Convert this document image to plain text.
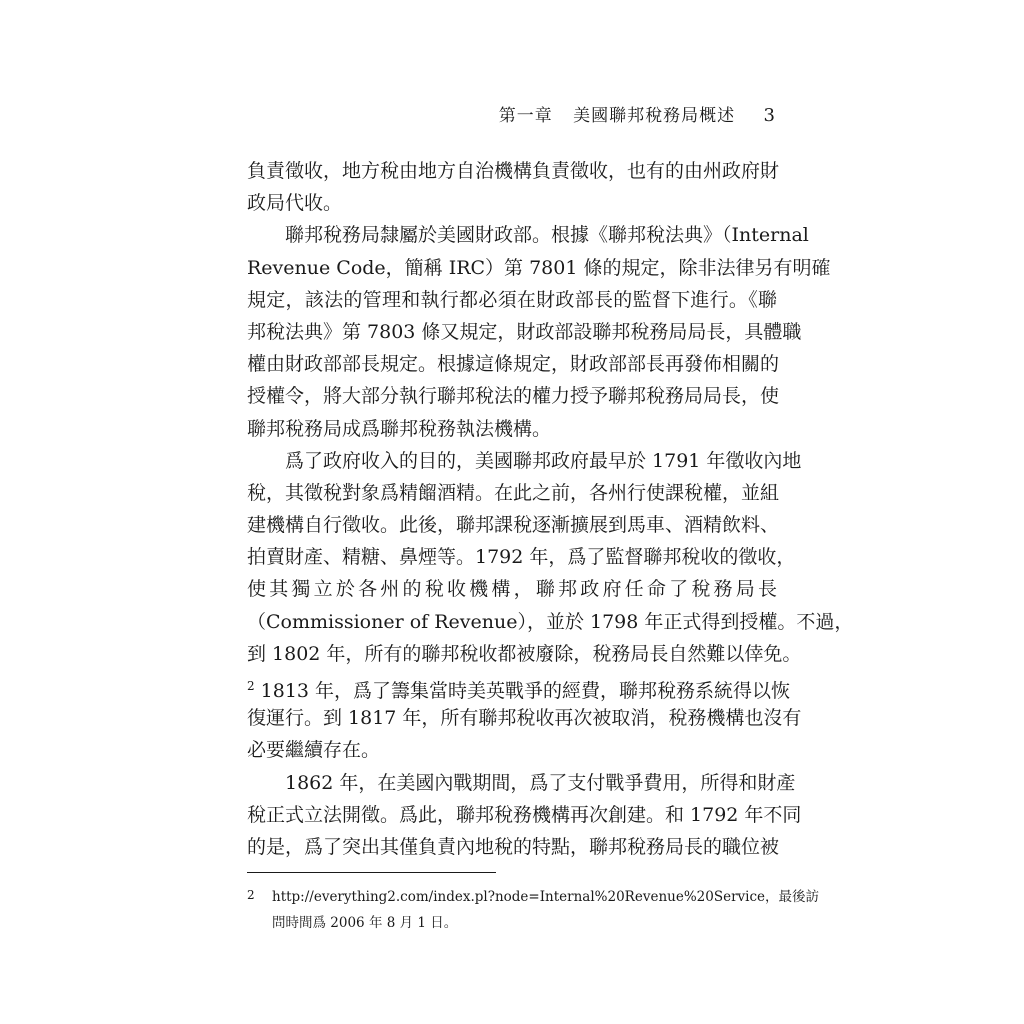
第一章 美國聯邦稅務局概述 3
負責徵收，地方稅由地方自治機構負責徵收，也有的由州政府財
政局代收。
聯邦稅務局隸屬於美國財政部。根據《聯邦稅法典》（Internal
Revenue Code，簡稱 IRC）第 7801 條的規定，除非法律另有明確
規定，該法的管理和執行都必須在財政部長的監督下進行。《聯
邦稅法典》第 7803 條又規定，財政部設聯邦稅務局局長，具體職
權由財政部部長規定。根據這條規定，財政部部長再發佈相關的
授權令，將大部分執行聯邦稅法的權力授予聯邦稅務局局長，使
聯邦稅務局成爲聯邦稅務執法機構。
爲了政府收入的目的，美國聯邦政府最早於 1791 年徵收內地
稅，其徵稅對象爲精餾酒精。在此之前，各州行使課稅權，並組
建機構自行徵收。此後，聯邦課稅逐漸擴展到馬車、酒精飲料、
拍賣財產、精糖、鼻煙等。1792 年，爲了監督聯邦稅收的徵收，
使其獨立於各州的稅收機構，聯邦政府任命了稅務局長
（Commissioner of Revenue），並於 1798 年正式得到授權。不過，
到 1802 年，所有的聯邦稅收都被廢除，稅務局長自然難以倖免。
$^2$ 1813 年，爲了籌集當時美英戰爭的經費，聯邦稅務系統得以恢
復運行。到 1817 年，所有聯邦稅收再次被取消，稅務機構也沒有
必要繼續存在。
1862 年，在美國內戰期間，爲了支付戰爭費用，所得和財產
稅正式立法開徵。爲此，聯邦稅務機構再次創建。和 1792 年不同
的是，爲了突出其僅負責內地稅的特點，聯邦稅務局長的職位被
2	http://everything2.com/index.pl?node=Internal%20Revenue%20Service，最後訪
問時間爲 2006 年 8 月 1 日。
